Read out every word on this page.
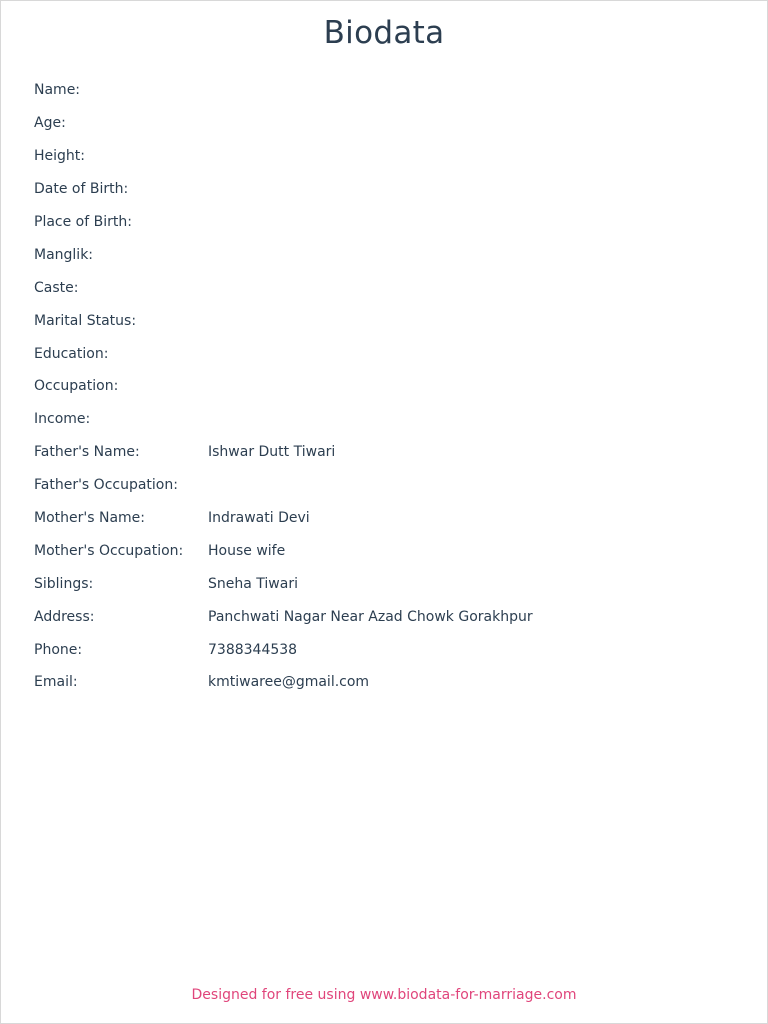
Biodata
Name:
Age:
Height:
Date of Birth:
Place of Birth:
Manglik:
Caste:
Marital Status:
Education:
Occupation:
Income:
Father's Name:	Ishwar Dutt Tiwari
Father's Occupation:
Mother's Name:	Indrawati Devi
Mother's Occupation:	House wife
Siblings:	Sneha Tiwari
Address:	Panchwati Nagar Near Azad Chowk Gorakhpur
Phone:	7388344538
Email:	kmtiwaree@gmail.com
Designed for free using www.biodata-for-marriage.com
